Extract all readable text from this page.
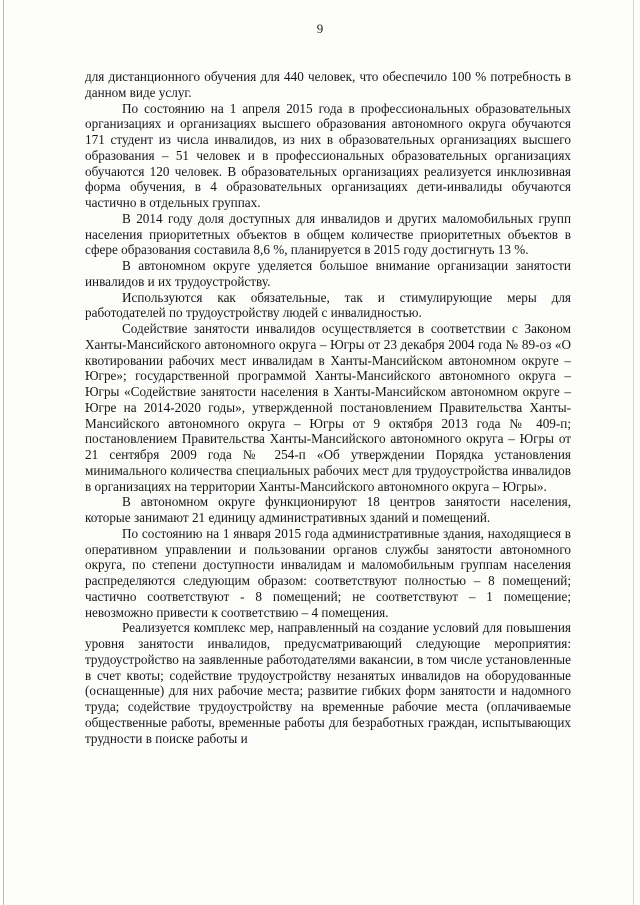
9

для дистанционного обучения для 440 человек, что обеспечило 100 % потребность в данном виде услуг.

По состоянию на 1 апреля 2015 года в профессиональных образовательных организациях и организациях высшего образования автономного округа обучаются 171 студент из числа инвалидов, из них в образовательных организациях высшего образования – 51 человек и в профессиональных образовательных организациях обучаются 120 человек. В образовательных организациях реализуется инклюзивная форма обучения, в 4 образовательных организациях дети-инвалиды обучаются частично в отдельных группах.

В 2014 году доля доступных для инвалидов и других маломобильных групп населения приоритетных объектов в общем количестве приоритетных объектов в сфере образования составила 8,6 %, планируется в 2015 году достигнуть 13 %.

В автономном округе уделяется большое внимание организации занятости инвалидов и их трудоустройству.

Используются как обязательные, так и стимулирующие меры для работодателей по трудоустройству людей с инвалидностью.

Содействие занятости инвалидов осуществляется в соответствии с Законом Ханты-Мансийского автономного округа – Югры от 23 декабря 2004 года № 89-оз «О квотировании рабочих мест инвалидам в Ханты-Мансийском автономном округе – Югре»; государственной программой Ханты-Мансийского автономного округа – Югры «Содействие занятости населения в Ханты-Мансийском автономном округе – Югре на 2014-2020 годы», утвержденной постановлением Правительства Ханты-Мансийского автономного округа – Югры от 9 октября 2013 года № 409-п; постановлением Правительства Ханты-Мансийского автономного округа – Югры от 21 сентября 2009 года № 254-п «Об утверждении Порядка установления минимального количества специальных рабочих мест для трудоустройства инвалидов в организациях на территории Ханты-Мансийского автономного округа – Югры».

В автономном округе функционируют 18 центров занятости населения, которые занимают 21 единицу административных зданий и помещений.

По состоянию на 1 января 2015 года административные здания, находящиеся в оперативном управлении и пользовании органов службы занятости автономного округа, по степени доступности инвалидам и маломобильным группам населения распределяются следующим образом: соответствуют полностью – 8 помещений; частично соответствуют - 8 помещений; не соответствуют – 1 помещение; невозможно привести к соответствию – 4 помещения.

Реализуется комплекс мер, направленный на создание условий для повышения уровня занятости инвалидов, предусматривающий следующие мероприятия: трудоустройство на заявленные работодателями вакансии, в том числе установленные в счет квоты; содействие трудоустройству незанятых инвалидов на оборудованные (оснащенные) для них рабочие места; развитие гибких форм занятости и надомного труда; содействие трудоустройству на временные рабочие места (оплачиваемые общественные работы, временные работы для безработных граждан, испытывающих трудности в поиске работы и
